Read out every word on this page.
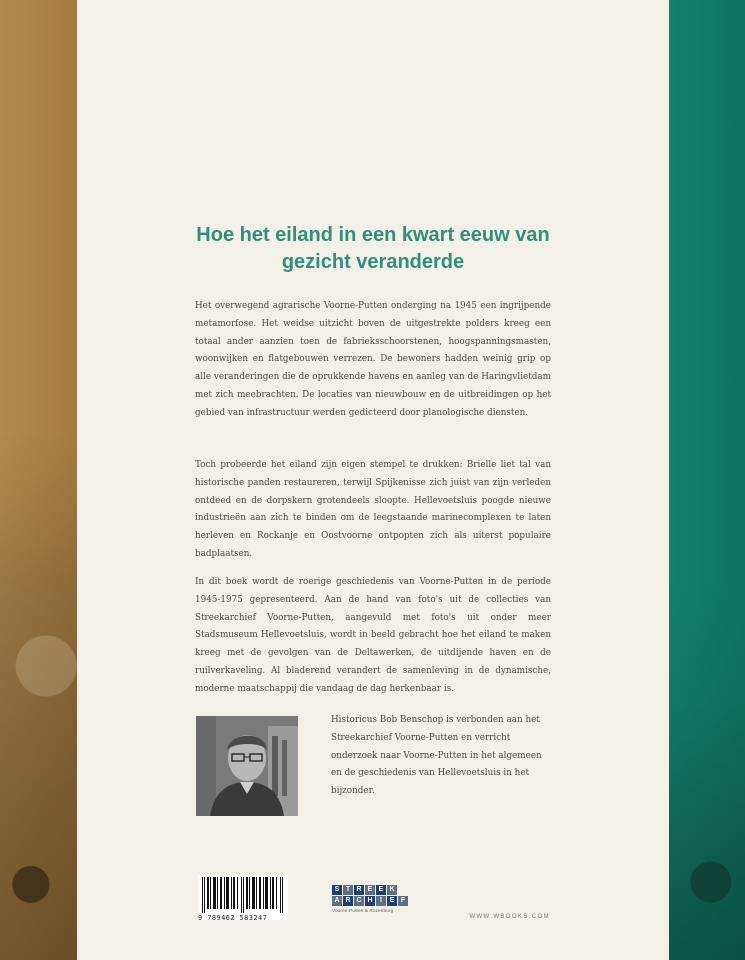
Hoe het eiland in een kwart eeuw van
gezicht veranderde

Het overwegend agrarische Voorne-Putten onderging na 1945 een ingrijpende metamorfose. Het weidse uitzicht boven de uitgestrekte polders kreeg een totaal ander aanzien toen de fabrieksschoorstenen, hoogspanningsmasten, woonwijken en flatgebouwen verrezen. De bewoners hadden weinig grip op alle veranderingen die de oprukkende havens en aanleg van de Haringvlietdam met zich meebrachten. De locaties van nieuwbouw en de uitbreidingen op het gebied van infrastructuur werden gedicteerd door planologische diensten.

Toch probeerde het eiland zijn eigen stempel te drukken: Brielle liet tal van historische panden restaureren, terwijl Spijkenisse zich juist van zijn verleden ontdeed en de dorpskern grotendeels sloopte. Hellevoetsluis poogde nieuwe industrieën aan zich te binden om de leegstaande marinecomplexen te laten herleven en Rockanje en Oostvoorne ontpopten zich als uiterst populaire badplaatsen.

In dit boek wordt de roerige geschiedenis van Voorne-Putten in de periode 1945-1975 gepresenteerd. Aan de hand van foto's uit de collecties van Streekarchief Voorne-Putten, aangevuld met foto's uit onder meer Stadsmuseum Hellevoetsluis, wordt in beeld gebracht hoe het eiland te maken kreeg met de gevolgen van de Deltawerken, de uitdijende haven en de ruilverkaveling. Al bladerend verandert de samenleving in de dynamische, moderne maatschappij die vandaag de dag herkenbaar is.

Historicus Bob Benschop is verbonden aan het Streekarchief Voorne-Putten en verricht onderzoek naar Voorne-Putten in het algemeen en de geschiedenis van Hellevoetsluis in het bijzonder.

9 789462 583247
S T R E E K
A R C H	I	E F
Voorne-Putten & Rozenburg
WWW.WBOOKS.COM
